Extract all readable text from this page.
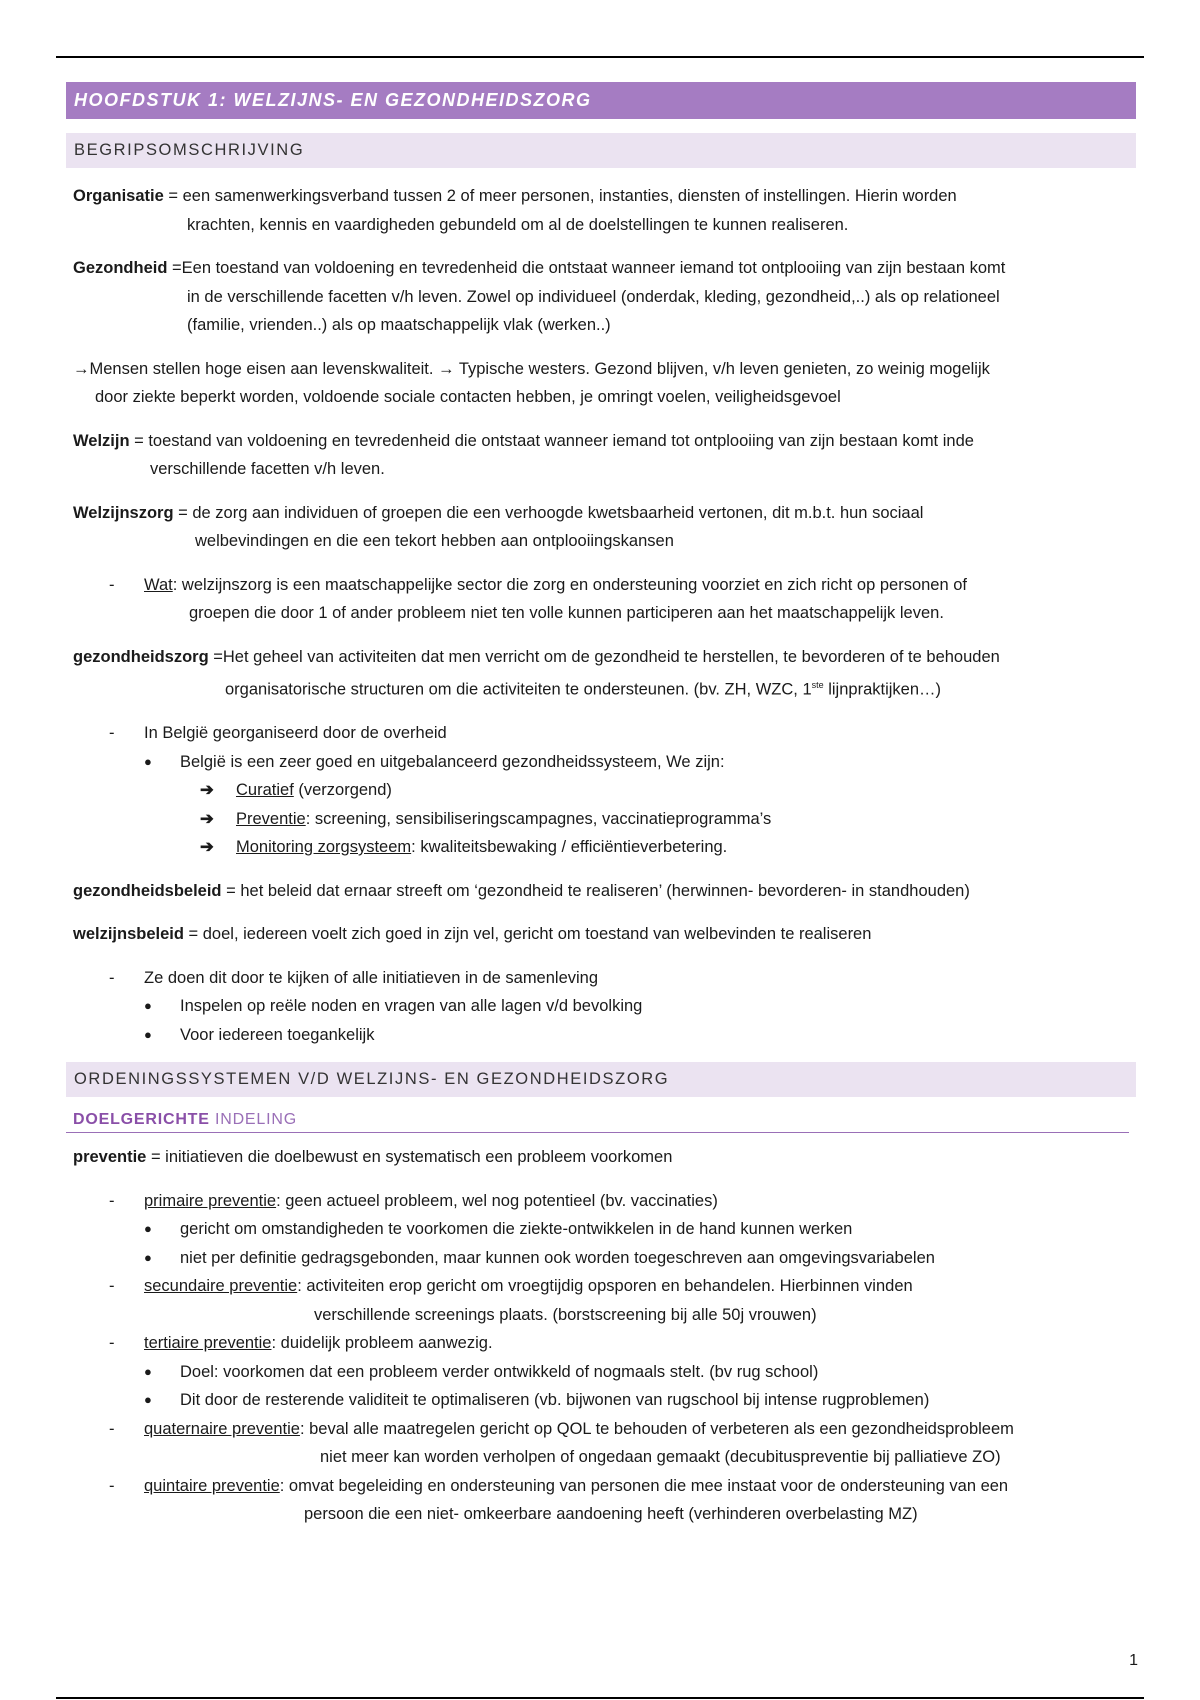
HOOFDSTUK 1: WELZIJNS- EN GEZONDHEIDSZORG
BEGRIPSOMSCHRIJVING
Organisatie = een samenwerkingsverband tussen 2 of meer personen, instanties, diensten of instellingen. Hierin worden
krachten, kennis en vaardigheden gebundeld om al de doelstellingen te kunnen realiseren.
Gezondheid =Een toestand van voldoening en tevredenheid die ontstaat wanneer iemand tot ontplooiing van zijn bestaan komt
in de verschillende facetten v/h leven. Zowel op individueel (onderdak, kleding, gezondheid,..) als op relationeel
(familie, vrienden..) als op maatschappelijk vlak (werken..)
→Mensen stellen hoge eisen aan levenskwaliteit. → Typische westers. Gezond blijven, v/h leven genieten, zo weinig mogelijk
door ziekte beperkt worden, voldoende sociale contacten hebben, je omringt voelen, veiligheidsgevoel
Welzijn = toestand van voldoening en tevredenheid die ontstaat wanneer iemand tot ontplooiing van zijn bestaan komt inde
verschillende facetten v/h leven.
Welzijnszorg = de zorg aan individuen of groepen die een verhoogde kwetsbaarheid vertonen, dit m.b.t. hun sociaal
welbevindingen en die een tekort hebben aan ontplooiingskansen
- Wat: welzijnszorg is een maatschappelijke sector die zorg en ondersteuning voorziet en zich richt op personen of
groepen die door 1 of ander probleem niet ten volle kunnen participeren aan het maatschappelijk leven.
gezondheidszorg =Het geheel van activiteiten dat men verricht om de gezondheid te herstellen, te bevorderen of te behouden
organisatorische structuren om die activiteiten te ondersteunen. (bv. ZH, WZC, 1ste lijnpraktijken…)
- In België georganiseerd door de overheid
● België is een zeer goed en uitgebalanceerd gezondheidssysteem, We zijn:
➔ Curatief (verzorgend)
➔ Preventie: screening, sensibiliseringscampagnes, vaccinatieprogramma’s
➔ Monitoring zorgsysteem: kwaliteitsbewaking / efficiëntieverbetering.
gezondheidsbeleid = het beleid dat ernaar streeft om ‘gezondheid te realiseren’ (herwinnen- bevorderen- in standhouden)
welzijnsbeleid = doel, iedereen voelt zich goed in zijn vel, gericht om toestand van welbevinden te realiseren
- Ze doen dit door te kijken of alle initiatieven in de samenleving
● Inspelen op reële noden en vragen van alle lagen v/d bevolking
● Voor iedereen toegankelijk
ORDENINGSSYSTEMEN V/D WELZIJNS- EN GEZONDHEIDSZORG
DOELGERICHTE INDELING
preventie = initiatieven die doelbewust en systematisch een probleem voorkomen
- primaire preventie: geen actueel probleem, wel nog potentieel (bv. vaccinaties)
● gericht om omstandigheden te voorkomen die ziekte-ontwikkelen in de hand kunnen werken
● niet per definitie gedragsgebonden, maar kunnen ook worden toegeschreven aan omgevingsvariabelen
- secundaire preventie: activiteiten erop gericht om vroegtijdig opsporen en behandelen. Hierbinnen vinden
verschillende screenings plaats. (borstscreening bij alle 50j vrouwen)
- tertiaire preventie: duidelijk probleem aanwezig.
● Doel: voorkomen dat een probleem verder ontwikkeld of nogmaals stelt. (bv rug school)
● Dit door de resterende validiteit te optimaliseren (vb. bijwonen van rugschool bij intense rugproblemen)
- quaternaire preventie: beval alle maatregelen gericht op QOL te behouden of verbeteren als een gezondheidsprobleem
niet meer kan worden verholpen of ongedaan gemaakt (decubituspreventie bij palliatieve ZO)
- quintaire preventie: omvat begeleiding en ondersteuning van personen die mee instaat voor de ondersteuning van een
persoon die een niet- omkeerbare aandoening heeft (verhinderen overbelasting MZ)
1
